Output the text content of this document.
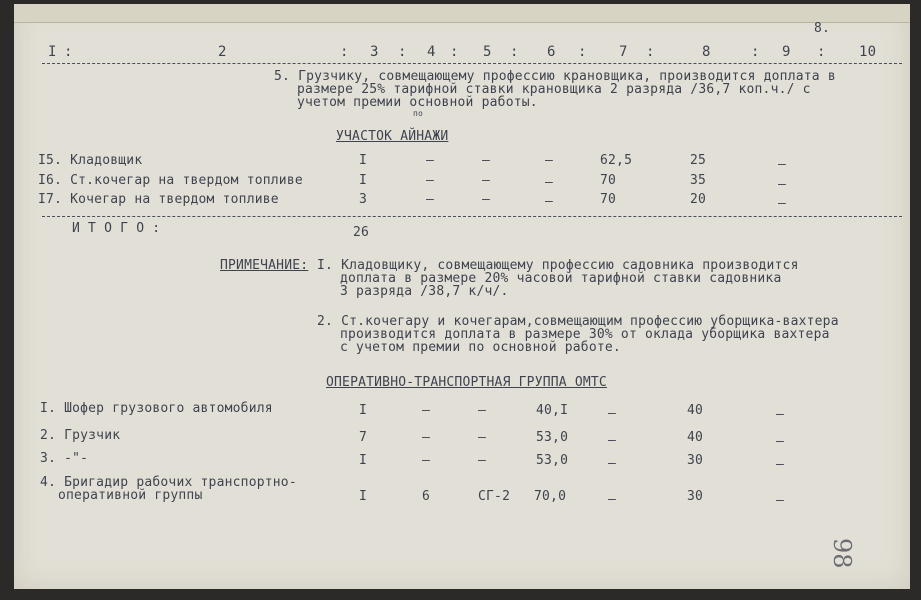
8.
I :	2	: 3 : 4 : 5 : 6 : 7 :	8	: 9 : 10
5. Грузчику, совмещающему профессию крановщика, производится доплата в
размере 25% тарифной ставки крановщика 2 разряда /36,7 коп.ч./ с
учетом премии основной работы.
по
УЧАСТОК АЙНАЖИ
I5. Кладовщик	I	–	–	–	62,5	25	–
I6. Ст.кочегар на твердом топливе	I	–	–	–	70	35	–
I7. Кочегар на твердом топливе	3	–	–	–	70	20	–
И Т О Г О :	26
ПРИМЕЧАНИЕ: I. Кладовщику, совмещающему профессию садовника производится
доплата в размере 20% часовой тарифной ставки садовника
3 разряда /38,7 к/ч/.
2. Ст.кочегару и кочегарам,совмещающим профессию уборщика-вахтера
производится доплата в размере 30% от оклада уборщика вахтера
с учетом премии по основной работе.
ОПЕРАТИВНО-ТРАНСПОРТНАЯ ГРУППА ОМТС
I. Шофер грузового автомобиля	I	–	–	40,I	–	40	–
2. Грузчик	7	–	–	53,0	–	40	–
3. -"-	I	–	–	53,0	–	30	–
4. Бригадир рабочих транспортно-
оперативной группы	I	6	СГ-2 70,0	–	30	–
98
